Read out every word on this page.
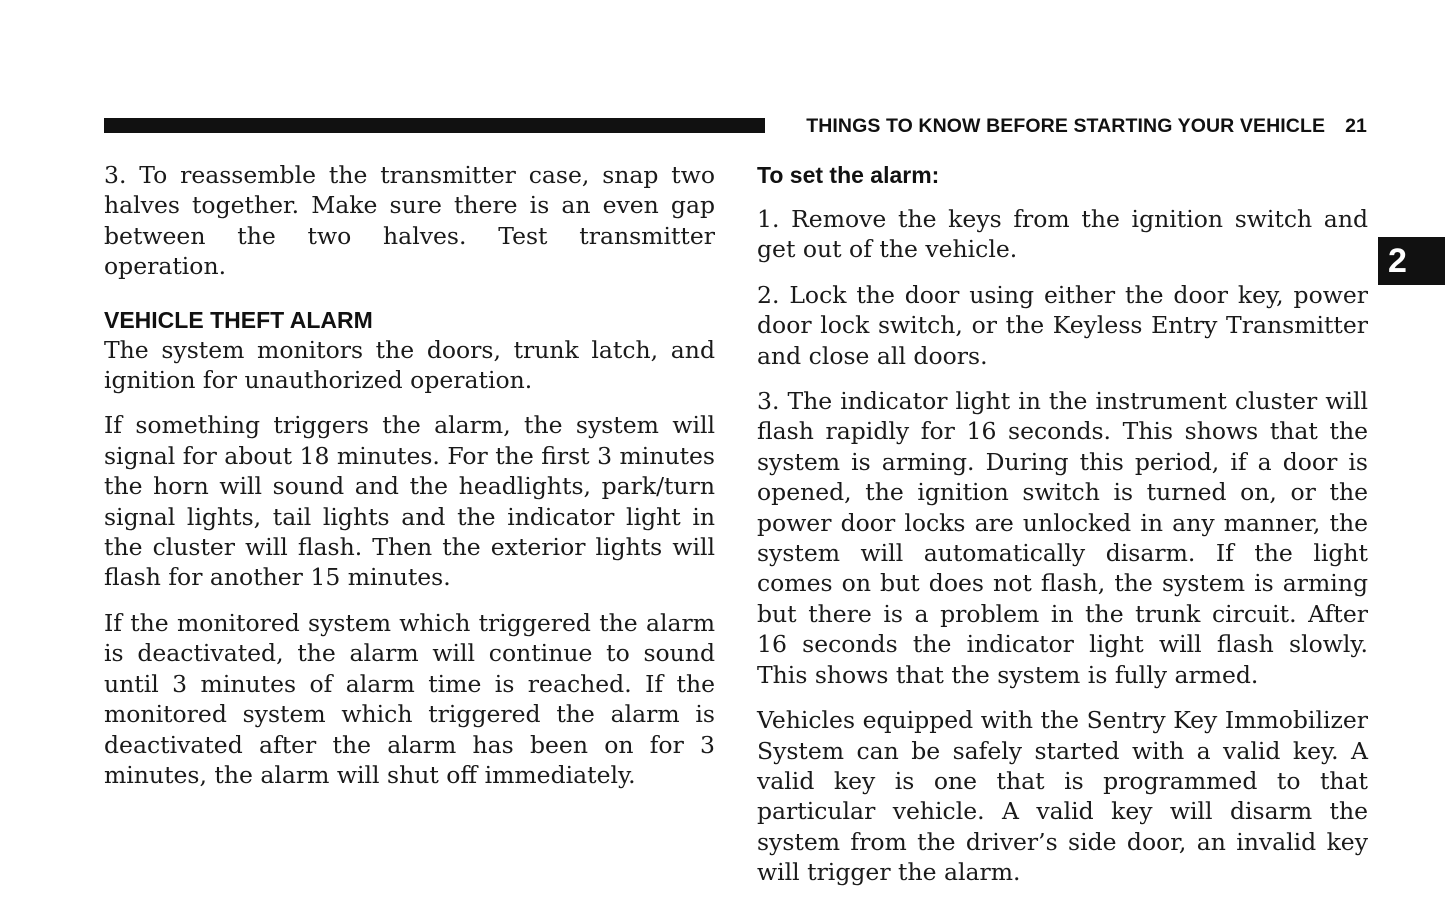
THINGS TO KNOW BEFORE STARTING YOUR VEHICLE 21
2

3. To reassemble the transmitter case, snap two halves together. Make sure there is an even gap between the two halves. Test transmitter operation.

VEHICLE THEFT ALARM

The system monitors the doors, trunk latch, and ignition for unauthorized operation.

If something triggers the alarm, the system will signal for about 18 minutes. For the first 3 minutes the horn will sound and the headlights, park/turn signal lights, tail lights and the indicator light in the cluster will flash. Then the exterior lights will flash for another 15 minutes.

If the monitored system which triggered the alarm is deactivated, the alarm will continue to sound until 3 minutes of alarm time is reached. If the monitored system which triggered the alarm is deactivated after the alarm has been on for 3 minutes, the alarm will shut off immediately.

To set the alarm:

1. Remove the keys from the ignition switch and get out of the vehicle.

2. Lock the door using either the door key, power door lock switch, or the Keyless Entry Transmitter and close all doors.

3. The indicator light in the instrument cluster will flash rapidly for 16 seconds. This shows that the system is arming. During this period, if a door is opened, the ignition switch is turned on, or the power door locks are unlocked in any manner, the system will automatically disarm. If the light comes on but does not flash, the system is arming but there is a problem in the trunk circuit. After 16 seconds the indicator light will flash slowly. This shows that the system is fully armed.

Vehicles equipped with the Sentry Key Immobilizer System can be safely started with a valid key. A valid key is one that is programmed to that particular vehicle. A valid key will disarm the system from the driver’s side door, an invalid key will trigger the alarm.
